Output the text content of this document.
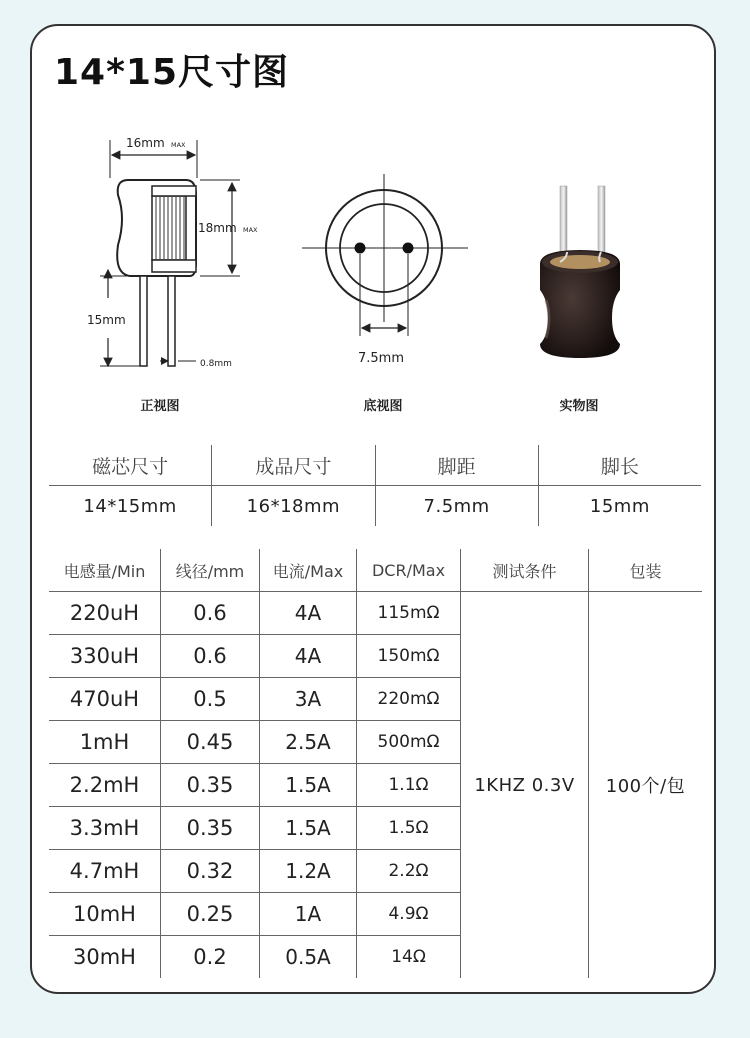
14*15尺寸图
16mm MAX
18mm MAX
15mm
0.8mm	7.5mm
正视图	底视图	实物图
磁芯尺寸	成品尺寸	脚距	脚长
14*15mm	16*18mm	7.5mm	15mm
电感量/Min	线径/mm	电流/Max	DCR/Max	测试条件	包装
220uH	0.6	4A	115mΩ	1KHZ 0.3V	100个/包
330uH	0.6	4A	150mΩ		
470uH	0.5	3A	220mΩ		
1mH	0.45	2.5A	500mΩ		
2.2mH	0.35	1.5A	1.1Ω		
3.3mH	0.35	1.5A	1.5Ω		
4.7mH	0.32	1.2A	2.2Ω		
10mH	0.25	1A	4.9Ω		
30mH	0.2	0.5A	14Ω		
